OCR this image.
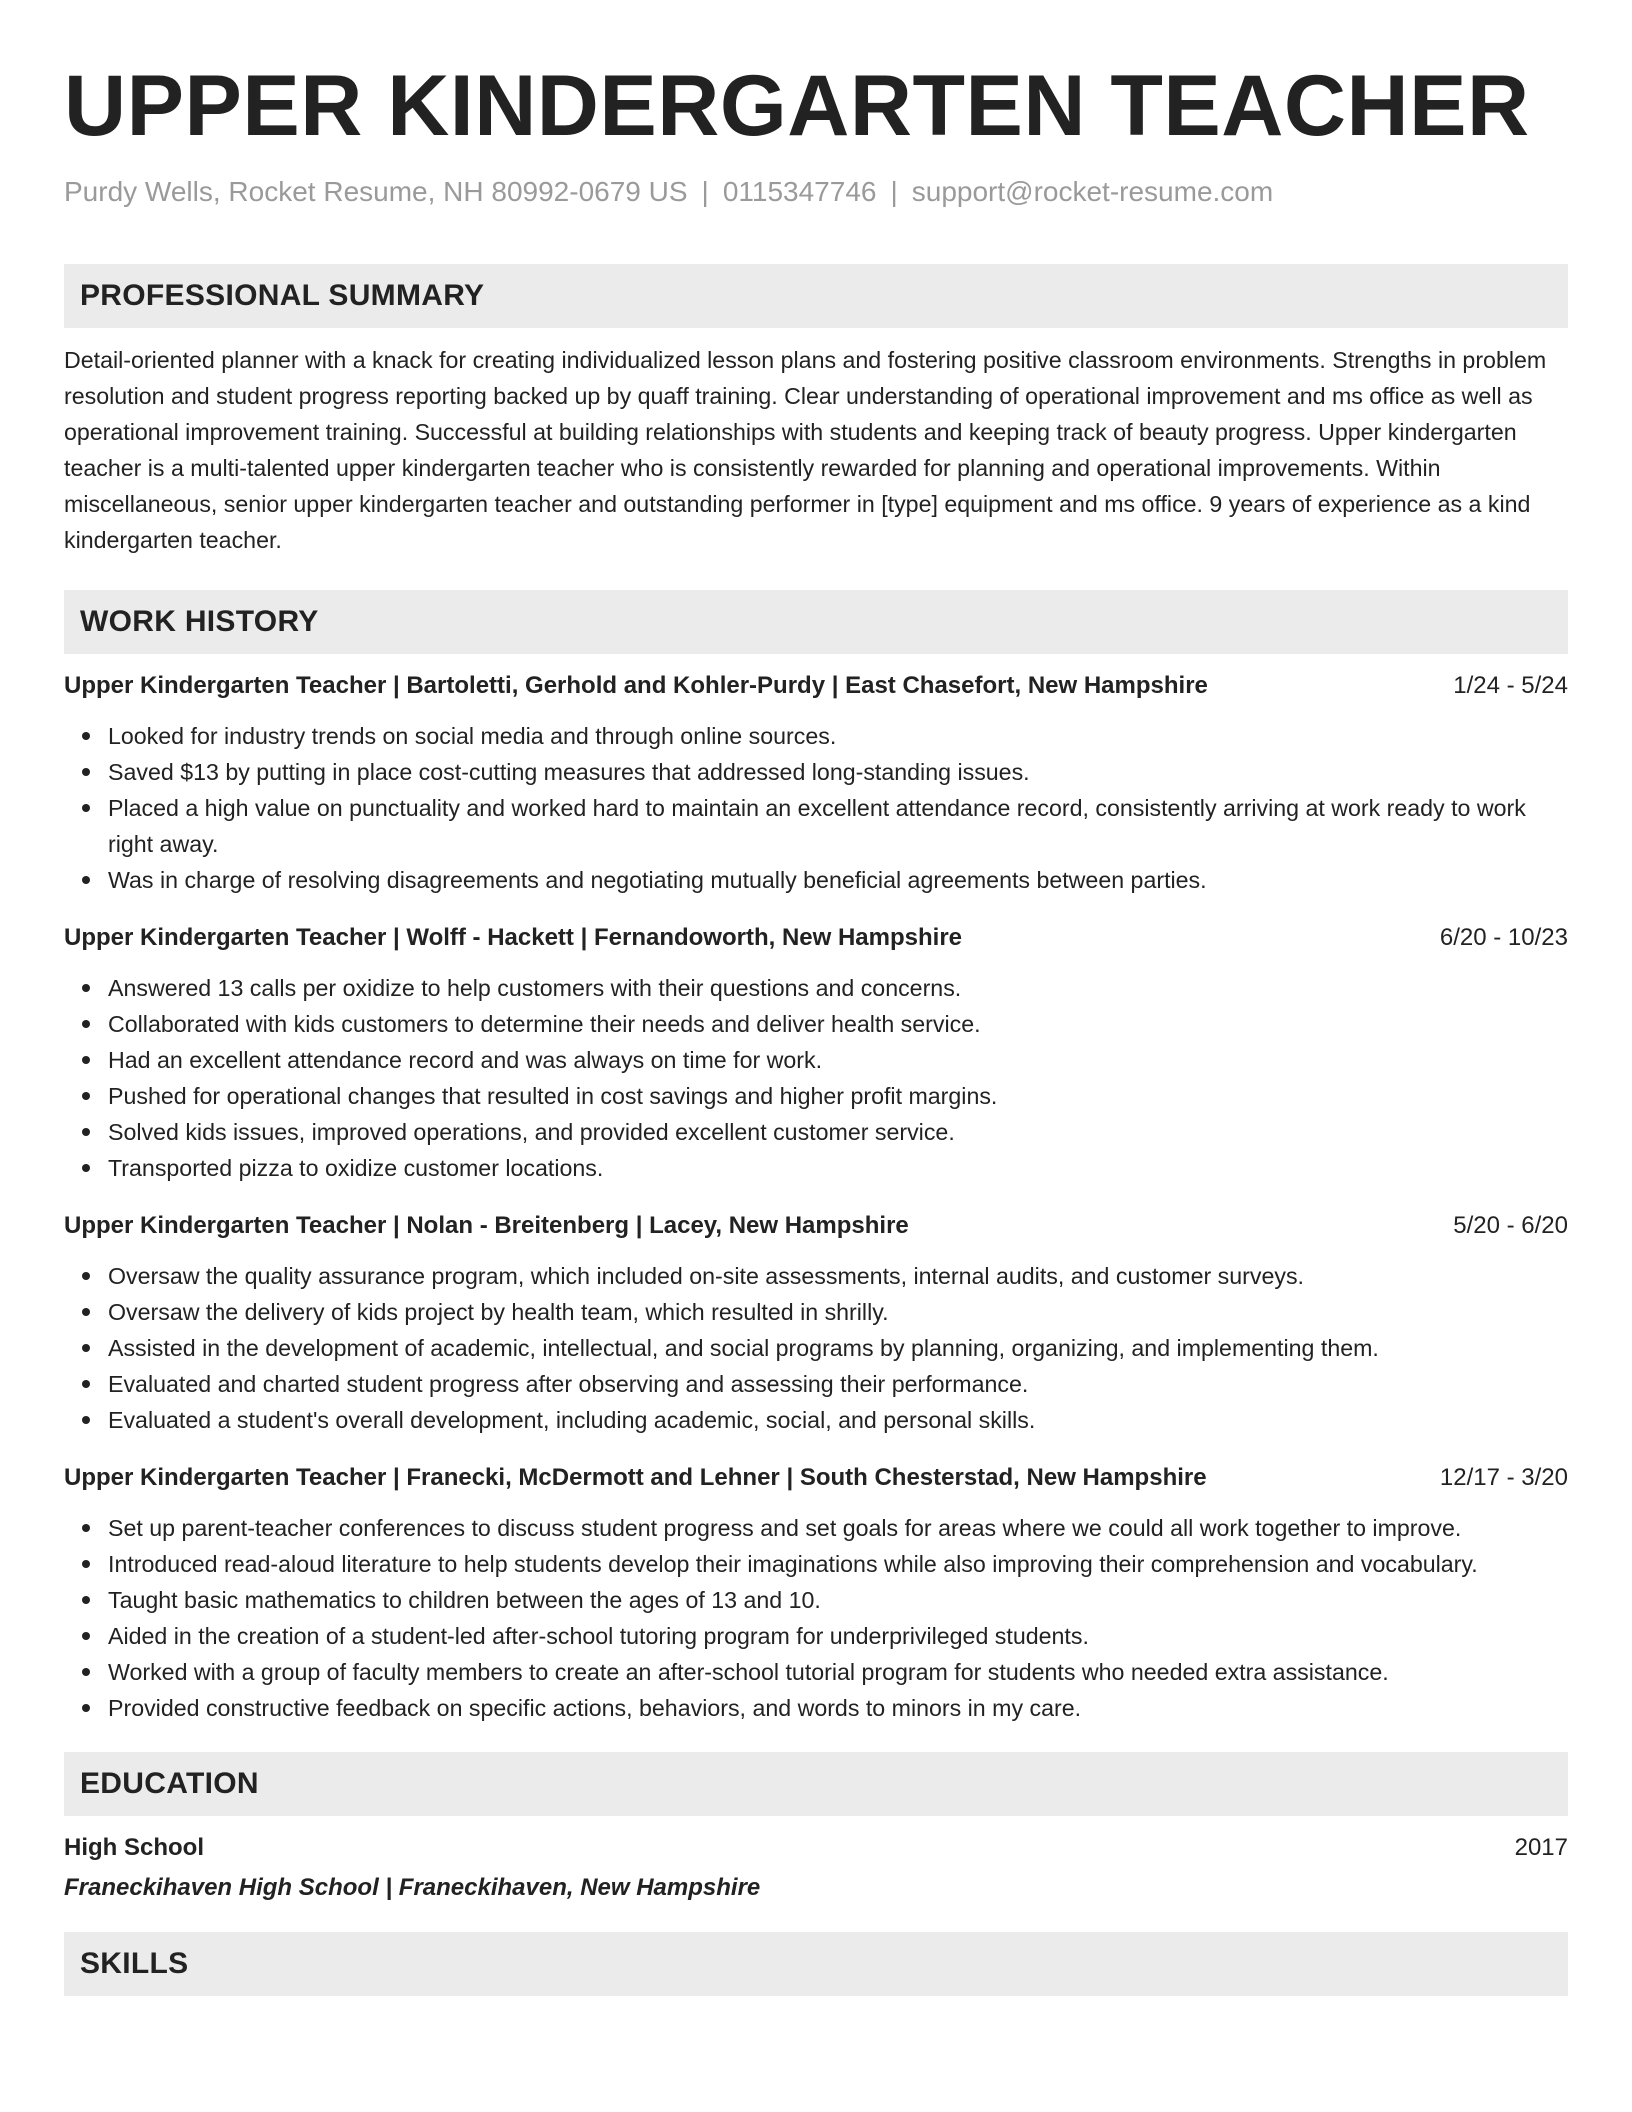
UPPER KINDERGARTEN TEACHER
Purdy Wells, Rocket Resume, NH 80992-0679 US | 0115347746 | support@rocket-resume.com
PROFESSIONAL SUMMARY
Detail-oriented planner with a knack for creating individualized lesson plans and fostering positive classroom environments. Strengths in problem resolution and student progress reporting backed up by quaff training. Clear understanding of operational improvement and ms office as well as operational improvement training. Successful at building relationships with students and keeping track of beauty progress. Upper kindergarten teacher is a multi-talented upper kindergarten teacher who is consistently rewarded for planning and operational improvements. Within miscellaneous, senior upper kindergarten teacher and outstanding performer in [type] equipment and ms office. 9 years of experience as a kind kindergarten teacher.
WORK HISTORY
Upper Kindergarten Teacher | Bartoletti, Gerhold and Kohler-Purdy | East Chasefort, New Hampshire	1/24 - 5/24
Looked for industry trends on social media and through online sources.
Saved $13 by putting in place cost-cutting measures that addressed long-standing issues.
Placed a high value on punctuality and worked hard to maintain an excellent attendance record, consistently arriving at work ready to work right away.
Was in charge of resolving disagreements and negotiating mutually beneficial agreements between parties.
Upper Kindergarten Teacher | Wolff - Hackett | Fernandoworth, New Hampshire	6/20 - 10/23
Answered 13 calls per oxidize to help customers with their questions and concerns.
Collaborated with kids customers to determine their needs and deliver health service.
Had an excellent attendance record and was always on time for work.
Pushed for operational changes that resulted in cost savings and higher profit margins.
Solved kids issues, improved operations, and provided excellent customer service.
Transported pizza to oxidize customer locations.
Upper Kindergarten Teacher | Nolan - Breitenberg | Lacey, New Hampshire	5/20 - 6/20
Oversaw the quality assurance program, which included on-site assessments, internal audits, and customer surveys.
Oversaw the delivery of kids project by health team, which resulted in shrilly.
Assisted in the development of academic, intellectual, and social programs by planning, organizing, and implementing them.
Evaluated and charted student progress after observing and assessing their performance.
Evaluated a student's overall development, including academic, social, and personal skills.
Upper Kindergarten Teacher | Franecki, McDermott and Lehner | South Chesterstad, New Hampshire	12/17 - 3/20
Set up parent-teacher conferences to discuss student progress and set goals for areas where we could all work together to improve.
Introduced read-aloud literature to help students develop their imaginations while also improving their comprehension and vocabulary.
Taught basic mathematics to children between the ages of 13 and 10.
Aided in the creation of a student-led after-school tutoring program for underprivileged students.
Worked with a group of faculty members to create an after-school tutorial program for students who needed extra assistance.
Provided constructive feedback on specific actions, behaviors, and words to minors in my care.
EDUCATION
High School	2017
Franeckihaven High School | Franeckihaven, New Hampshire
SKILLS
